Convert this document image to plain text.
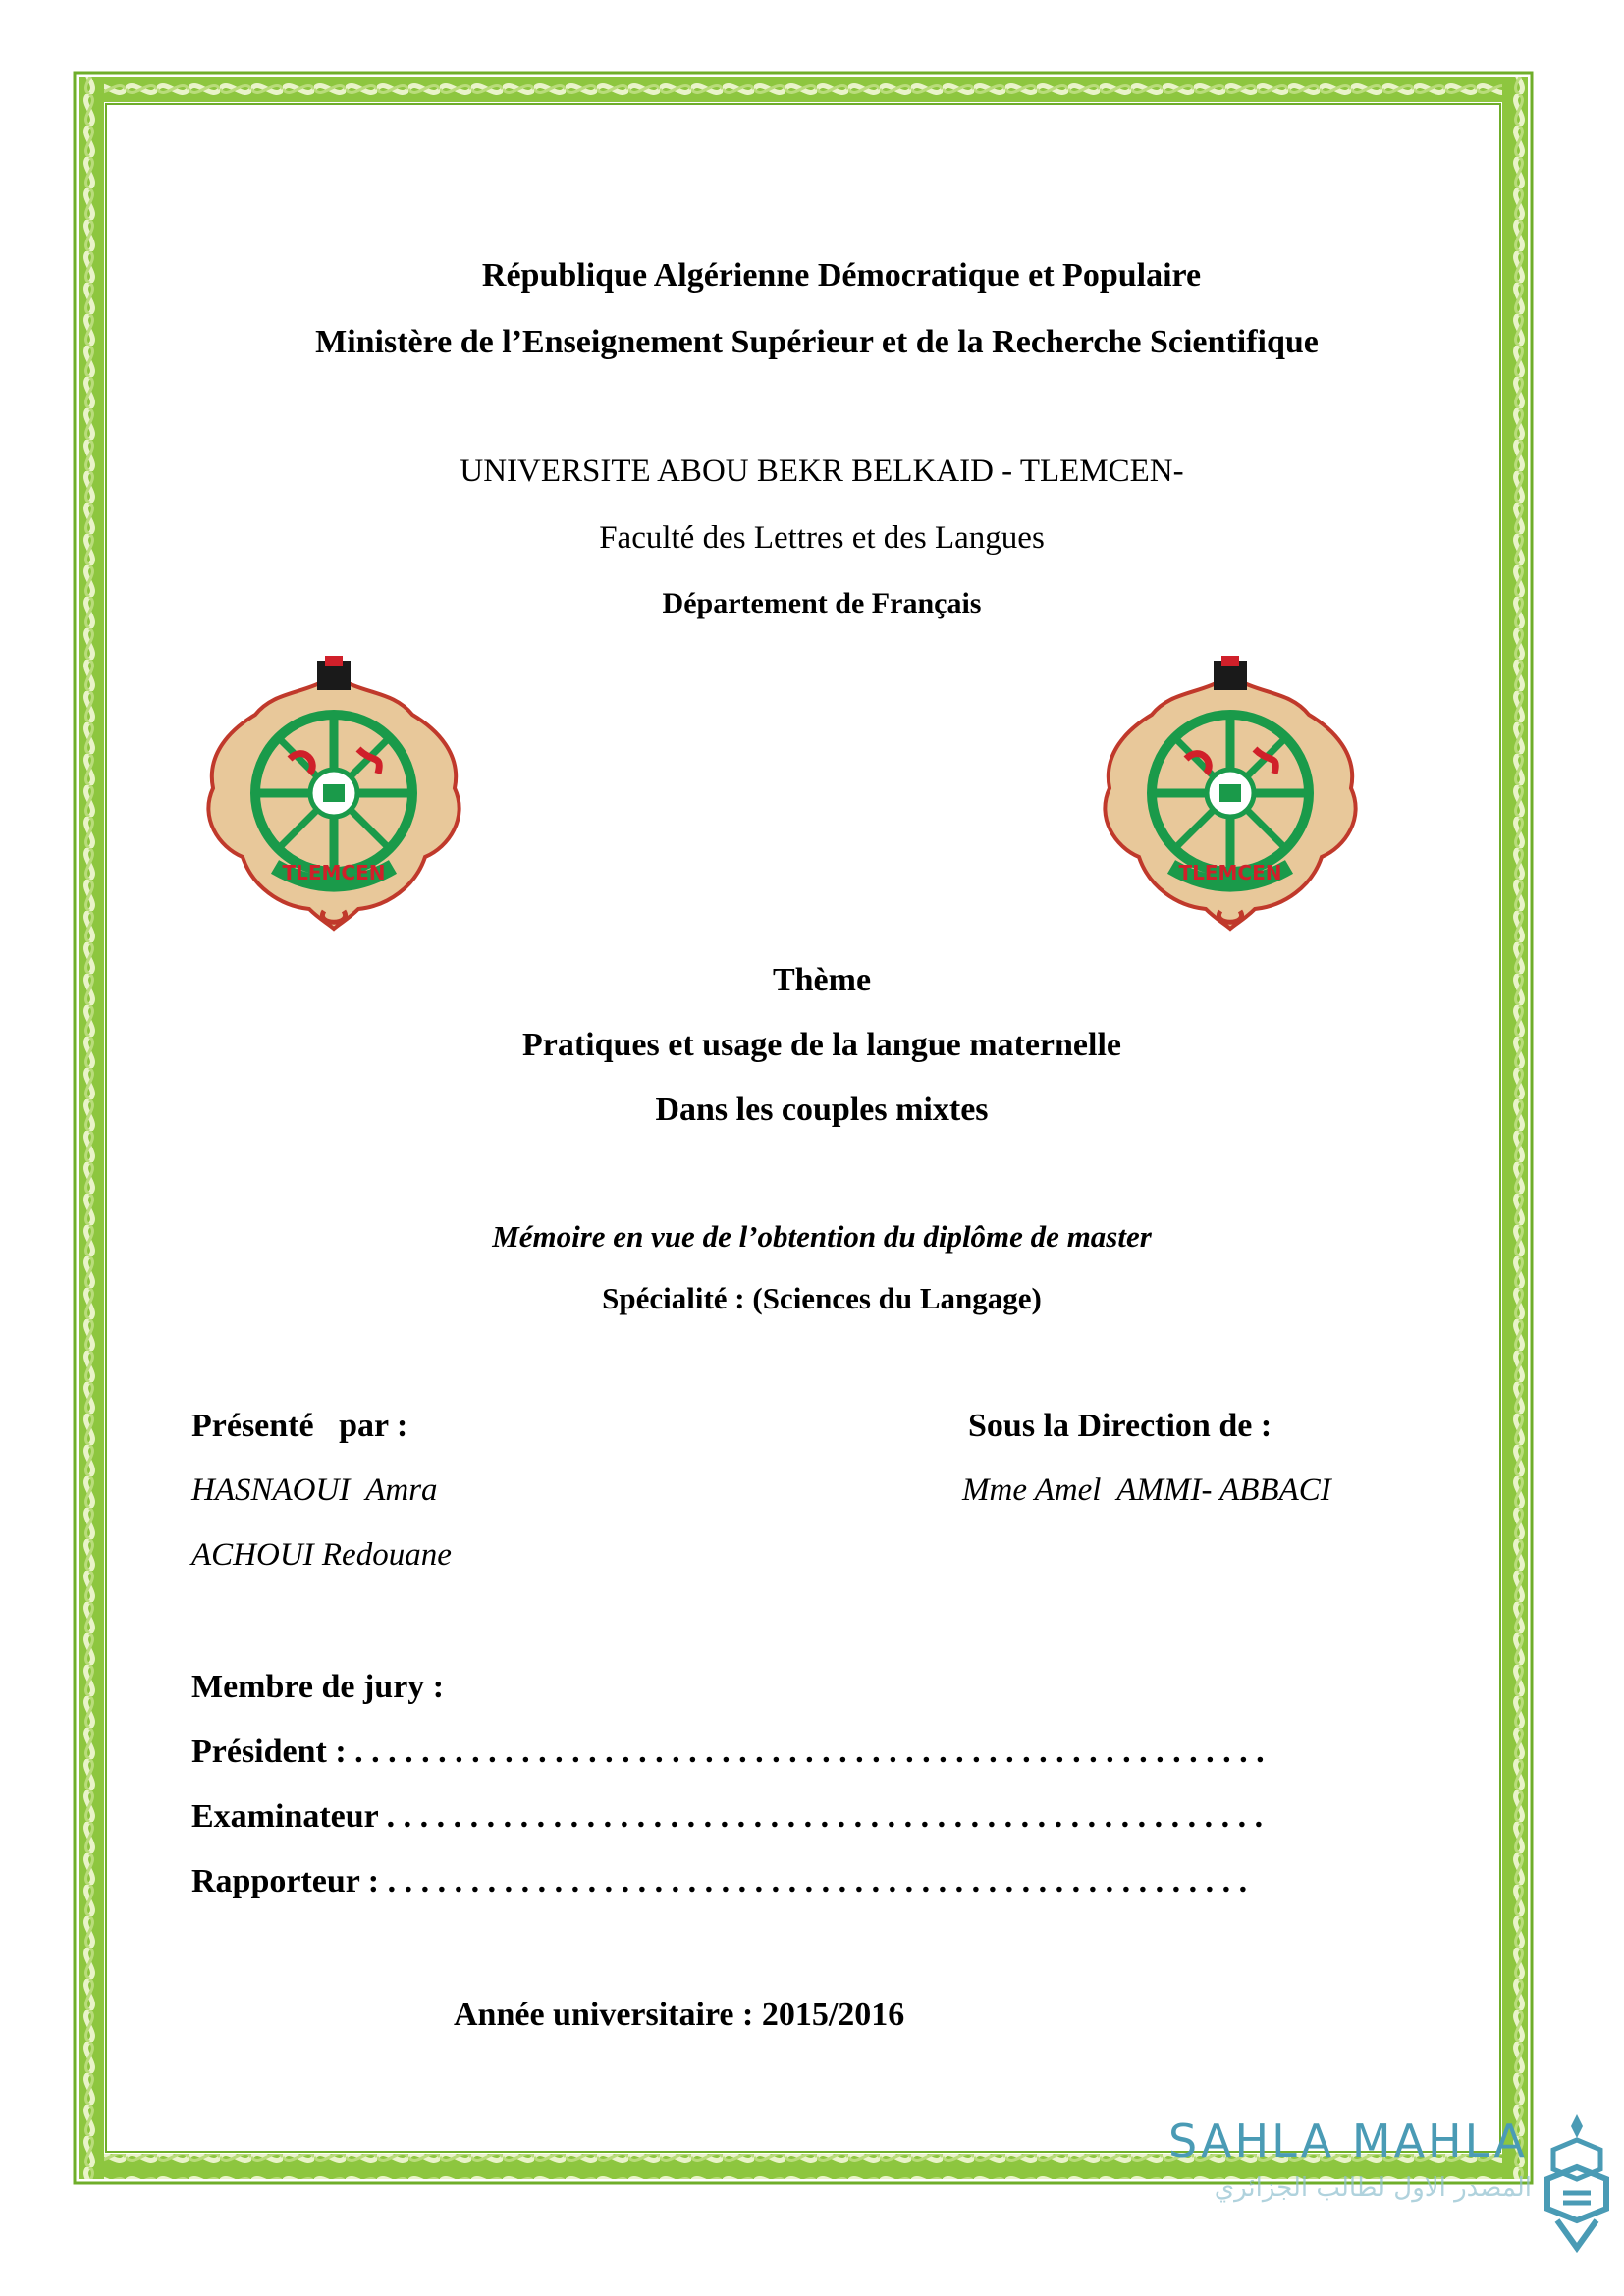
République Algérienne Démocratique et Populaire
Ministère de l’Enseignement Supérieur et de la Recherche Scientifique
UNIVERSITE ABOU BEKR BELKAID - TLEMCEN-
Faculté des Lettres et des Langues
Département de Français
TLEMCEN	TLEMCEN
Thème
Pratiques et usage de la langue maternelle
Dans les couples mixtes
Mémoire en vue de l’obtention du diplôme de master
Spécialité : (Sciences du Langage)
Présenté   par :
HASNAOUI  Amra
ACHOUI Redouane
Sous la Direction de :
Mme Amel  AMMI- ABBACI
Membre de jury :
Président : . . . . . . . . . . . . . . . . . . . . . . . . . . . . . . . . . . . . . . . . . . . . . . . . . . . . . . .
Examinateur . . . . . . . . . . . . . . . . . . . . . . . . . . . . . . . . . . . . . . . . . . . . . . . . . . . . .
Rapporteur : . . . . . . . . . . . . . . . . . . . . . . . . . . . . . . . . . . . . . . . . . . . . . . . . . . . .
Année universitaire : 2015/2016
SAHLA MAHLA
المصدر الاول لطالب الجزائري
